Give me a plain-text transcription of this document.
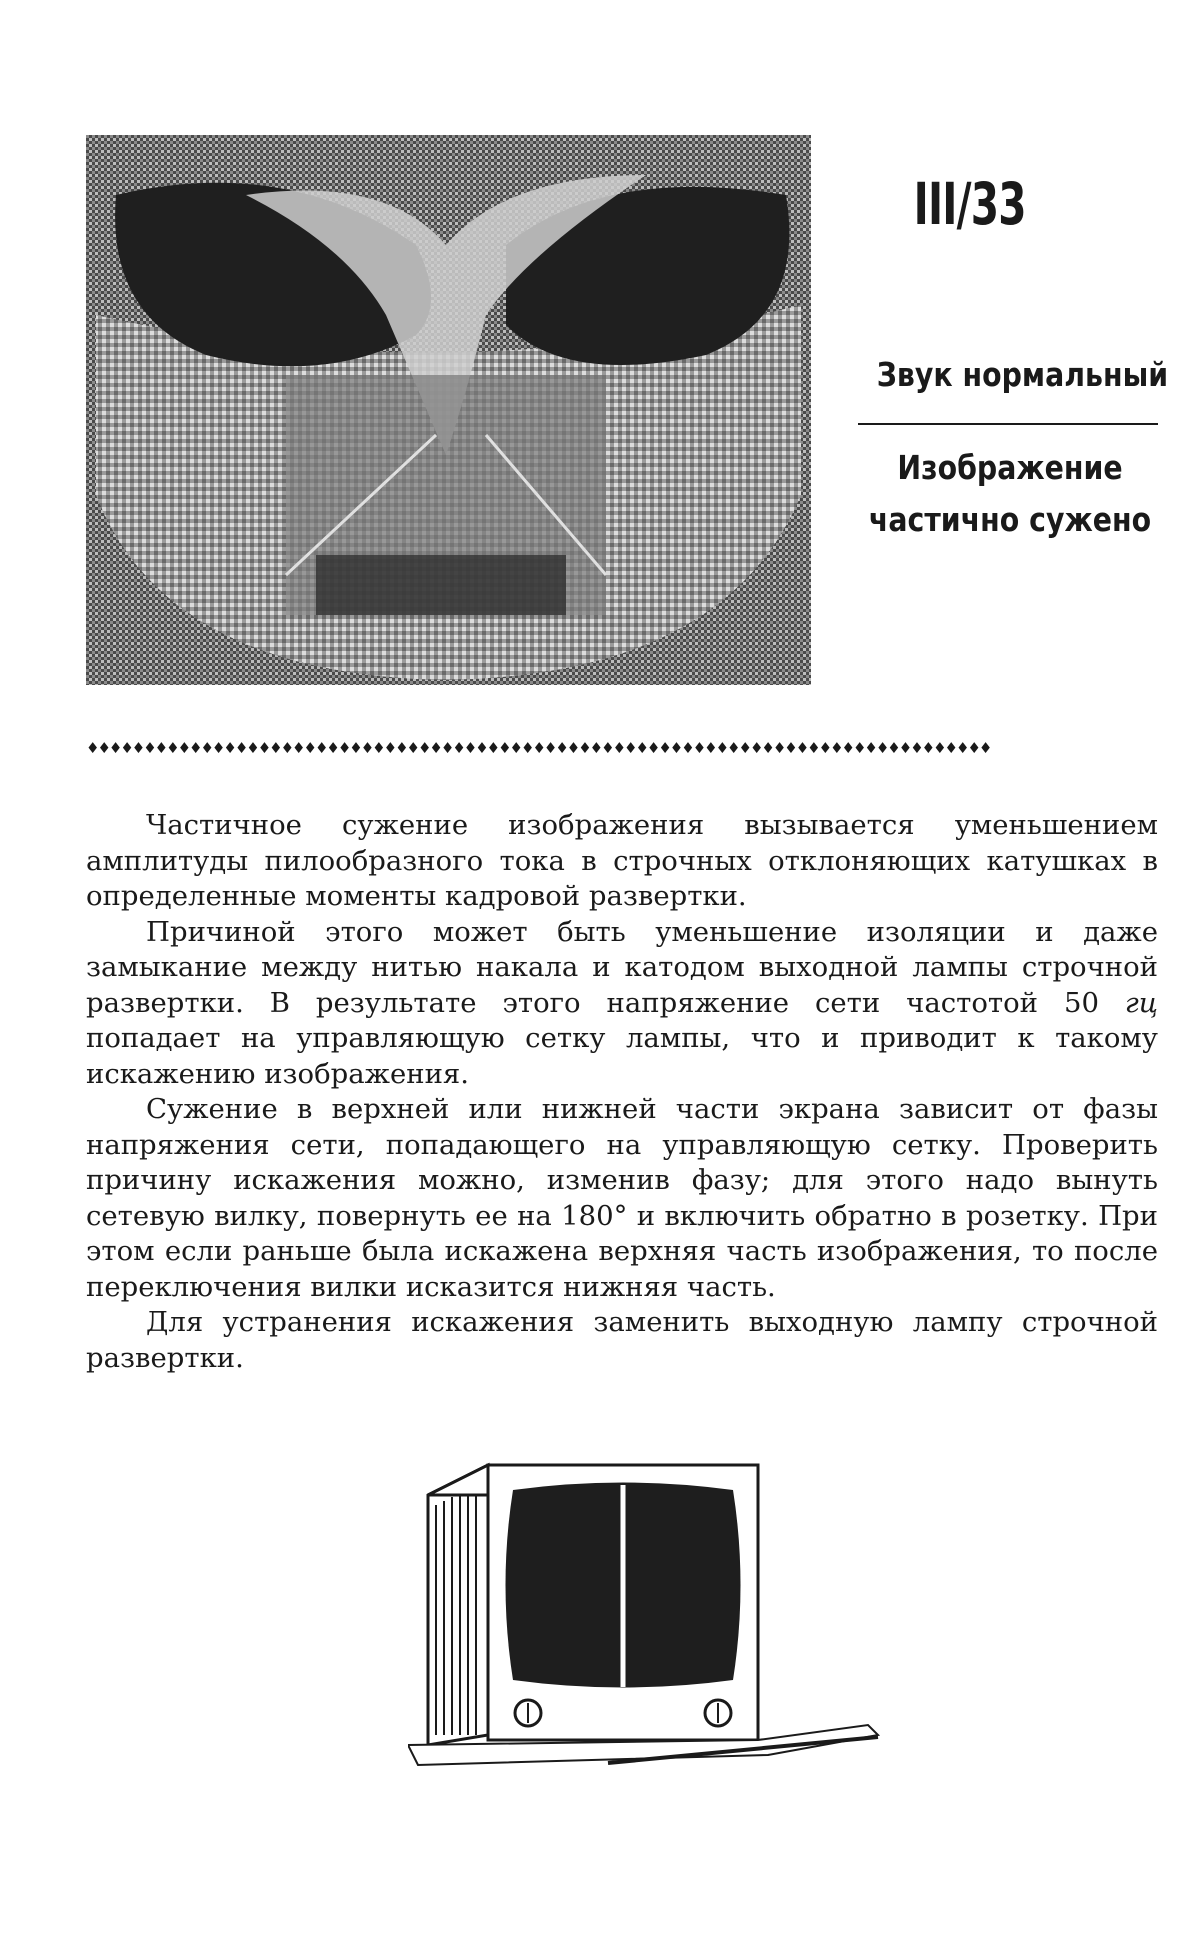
III/33
Звук нормальный
Изображение
частично сужено
♦♦♦♦♦♦♦♦♦♦♦♦♦♦♦♦♦♦♦♦♦♦♦♦♦♦♦♦♦♦♦♦♦♦♦♦♦♦♦♦♦♦♦♦♦♦♦♦♦♦♦♦♦♦♦♦♦♦♦♦♦♦♦♦♦♦♦♦♦♦♦♦♦♦♦♦♦♦♦

Частичное сужение изображения вызывается уменьшением амплитуды пилообразного тока в строчных отклоняющих катушках в определенные моменты кадровой развертки.

Причиной этого может быть уменьшение изоляции и даже замыкание между нитью накала и катодом выходной лампы строчной развертки. В результате этого напряжение сети частотой 50 гц попадает на управляющую сетку лампы, что и приводит к такому искажению изображения.

Сужение в верхней или нижней части экрана зависит от фазы напряжения сети, попадающего на управляющую сетку. Проверить причину искажения можно, изменив фазу; для этого надо вынуть сетевую вилку, повернуть ее на 180° и включить обратно в розетку. При этом если раньше была искажена верхняя часть изображения, то после переключения вилки исказится нижняя часть.

Для устранения искажения заменить выходную лампу строчной развертки.
